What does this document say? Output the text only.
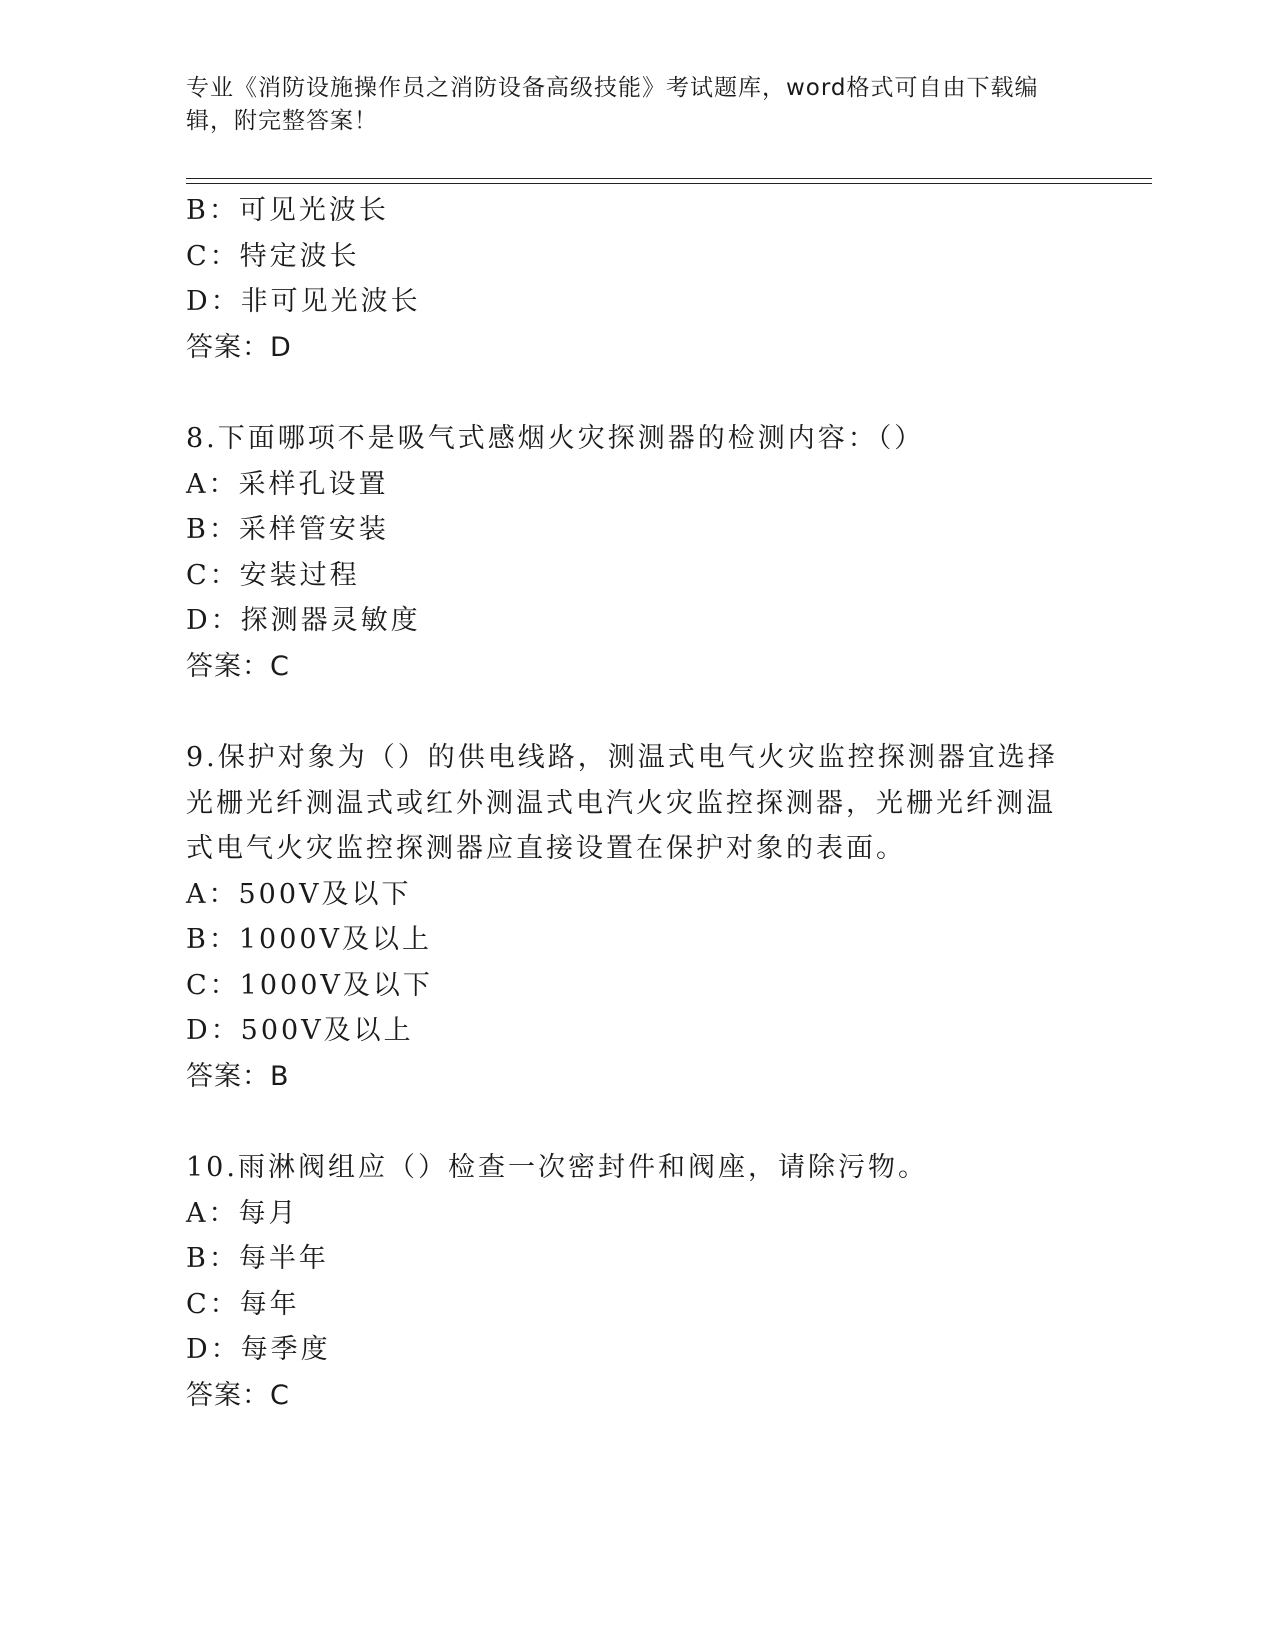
专业《消防设施操作员之消防设备高级技能》考试题库，word格式可自由下载编辑，附完整答案！
B：可见光波长
C：特定波长
D：非可见光波长
答案：D
8.下面哪项不是吸气式感烟火灾探测器的检测内容：（）
A：采样孔设置
B：采样管安装
C：安装过程
D：探测器灵敏度
答案：C
9.保护对象为（）的供电线路，测温式电气火灾监控探测器宜选择光栅光纤测温式或红外测温式电汽火灾监控探测器，光栅光纤测温式电气火灾监控探测器应直接设置在保护对象的表面。
A：500V及以下
B：1000V及以上
C：1000V及以下
D：500V及以上
答案：B
10.雨淋阀组应（）检查一次密封件和阀座，请除污物。
A：每月
B：每半年
C：每年
D：每季度
答案：C
